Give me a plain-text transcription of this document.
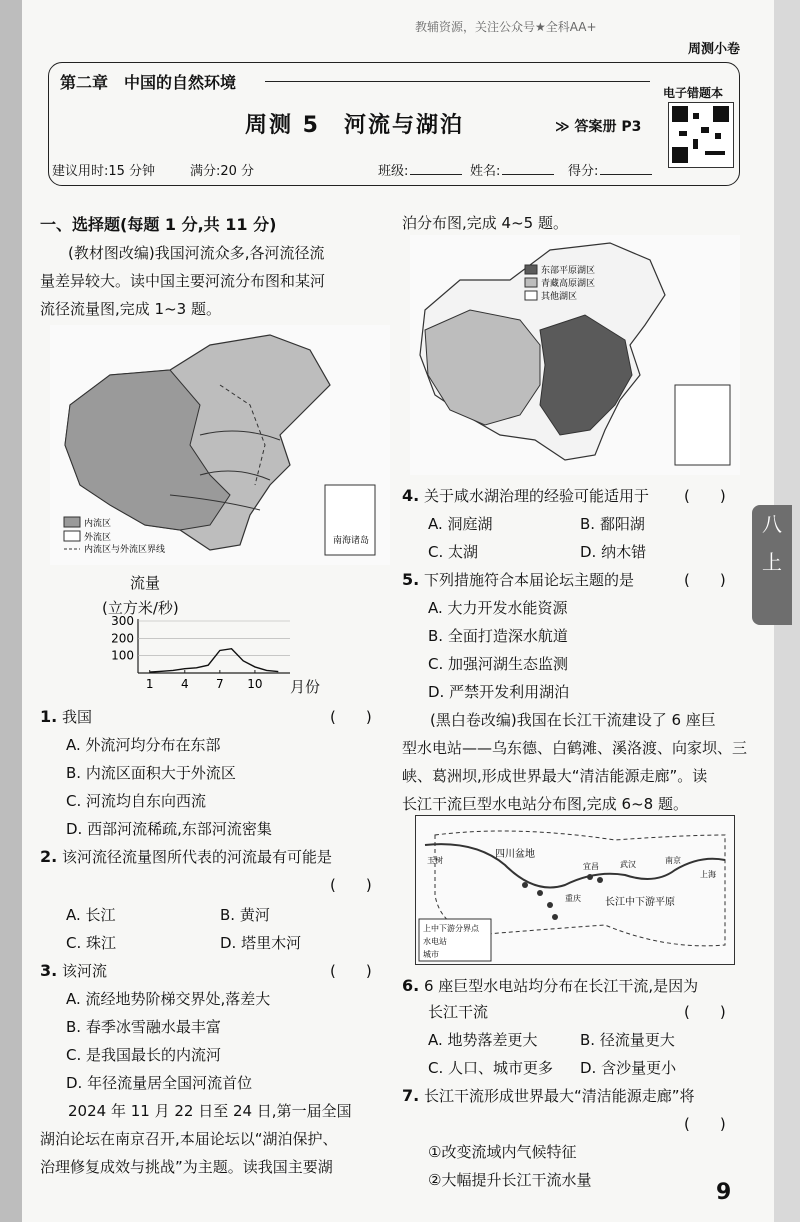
教辅资源，关注公众号★全科AA+
周测小卷
第二章　中国的自然环境
周测 5　河流与湖泊	≫ 答案册 P3
电子错题本
建议用时:15 分钟	满分:20 分	班级:	姓名:	得分:
八
上
一、选择题(每题 1 分,共 11 分)
(教材图改编)我国河流众多,各河流径流
量差异较大。读中国主要河流分布图和某河
流径流量图,完成 1~3 题。
南海诸岛
内流区
外流区
内流区与外流区界线
流量
(立方米/秒)
100
200
300
1 4 7 10 月份
1. 我国	(　　)
A. 外流河均分布在东部
B. 内流区面积大于外流区
C. 河流均自东向西流
D. 西部河流稀疏,东部河流密集
2. 该河流径流量图所代表的河流最有可能是
(　　)
A. 长江	B. 黄河
C. 珠江	D. 塔里木河
3. 该河流	(　　)
A. 流经地势阶梯交界处,落差大
B. 春季冰雪融水最丰富
C. 是我国最长的内流河
D. 年径流量居全国河流首位
2024 年 11 月 22 日至 24 日,第一届全国
湖泊论坛在南京召开,本届论坛以“湖泊保护、
治理修复成效与挑战”为主题。读我国主要湖
泊分布图,完成 4~5 题。
东部平原湖区
青藏高原湖区
其他湖区
4. 关于咸水湖治理的经验可能适用于 (　　)
A. 洞庭湖	B. 鄱阳湖
C. 太湖	D. 纳木错
5. 下列措施符合本届论坛主题的是	(　　)
A. 大力开发水能资源
B. 全面打造深水航道
C. 加强河湖生态监测
D. 严禁开发利用湖泊
(黑白卷改编)我国在长江干流建设了 6 座巨
型水电站——乌东德、白鹤滩、溪洛渡、向家坝、三
峡、葛洲坝,形成世界最大“清洁能源走廊”。读
长江干流巨型水电站分布图,完成 6~8 题。
四川盆地
长江中下游平原
玉树
重庆
宜昌	武汉	南京
上海
上中下游分界点
水电站
城市
6. 6 座巨型水电站均分布在长江干流,是因为
长江干流	(　　)
A. 地势落差更大	B. 径流量更大
C. 人口、城市更多 D. 含沙量更小
7. 长江干流形成世界最大“清洁能源走廊”将
(　　)
①改变流域内气候特征
②大幅提升长江干流水量	9
